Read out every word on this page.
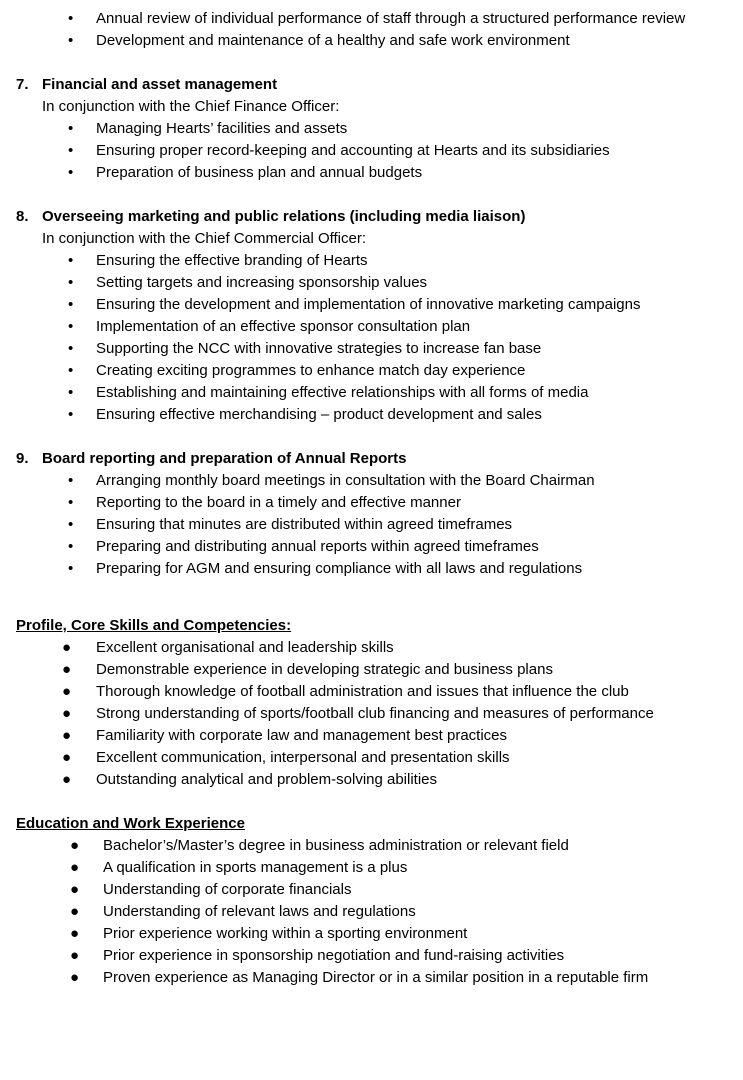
• Annual review of individual performance of staff through a structured performance review
• Development and maintenance of a healthy and safe work environment
7. Financial and asset management
In conjunction with the Chief Finance Officer:
• Managing Hearts’ facilities and assets
• Ensuring proper record-keeping and accounting at Hearts and its subsidiaries
• Preparation of business plan and annual budgets
8. Overseeing marketing and public relations (including media liaison)
In conjunction with the Chief Commercial Officer:
• Ensuring the effective branding of Hearts
• Setting targets and increasing sponsorship values
• Ensuring the development and implementation of innovative marketing campaigns
• Implementation of an effective sponsor consultation plan
• Supporting the NCC with innovative strategies to increase fan base
• Creating exciting programmes to enhance match day experience
• Establishing and maintaining effective relationships with all forms of media
• Ensuring effective merchandising – product development and sales
9. Board reporting and preparation of Annual Reports
• Arranging monthly board meetings in consultation with the Board Chairman
• Reporting to the board in a timely and effective manner
• Ensuring that minutes are distributed within agreed timeframes
• Preparing and distributing annual reports within agreed timeframes
• Preparing for AGM and ensuring compliance with all laws and regulations
Profile, Core Skills and Competencies:
● Excellent organisational and leadership skills
● Demonstrable experience in developing strategic and business plans
● Thorough knowledge of football administration and issues that influence the club
● Strong understanding of sports/football club financing and measures of performance
● Familiarity with corporate law and management best practices
● Excellent communication, interpersonal and presentation skills
● Outstanding analytical and problem-solving abilities
Education and Work Experience
● Bachelor’s/Master’s degree in business administration or relevant field
● A qualification in sports management is a plus
● Understanding of corporate financials
● Understanding of relevant laws and regulations
● Prior experience working within a sporting environment
● Prior experience in sponsorship negotiation and fund-raising activities
● Proven experience as Managing Director or in a similar position in a reputable firm
